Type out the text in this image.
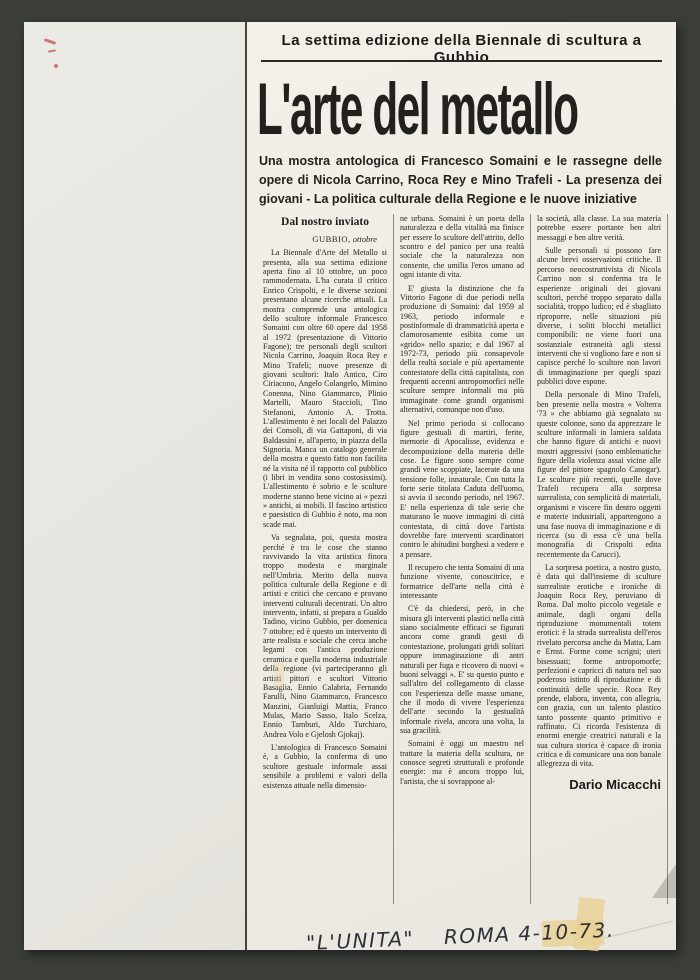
La settima edizione della Biennale di scultura a Gubbio
L'arte del metallo
Una mostra antologica di Francesco Somaini e le rassegne delle opere di Nicola Carrino, Roca Rey e Mino Trafeli - La presenza dei giovani - La politica culturale della Regione e le nuove iniziative
Dal nostro inviato
GUBBIO, ottobre

La Biennale d'Arte del Metallo si presenta, alla sua settima edizione aperta fino al 10 ottobre, un poco rammodernata. L'ha curata il critico Enrico Crispolti, e le diverse sezioni presentano alcune ricerche attuali. La mostra comprende una antologica dello scultore informale Francesco Somaini con oltre 60 opere dal 1958 al 1972 (presentazione di Vittorio Fagone); tre personali degli scultori Nicola Carrino, Joaquin Roca Rey e Mino Trafeli; nuove presenze di giovani scultori: Italo Antico, Ciro Ciriacono, Angelo Colangelo, Mimino Conenna, Nino Giammarco, Plinio Martelli, Mauro Staccioli, Tino Stefanoni, Antonio A. Trotta. L'allestimento è nei locali del Palazzo dei Consoli, di via Gattaponi, di via Baldassini e, all'aperto, in piazza della Signoria. Manca un catalogo generale della mostra e questo fatto non facilita né la visita né il rapporto col pubblico (i libri in vendita sono costosissimi). L'allestimento è sobrio e le sculture moderne stanno bene vicino ai « pezzi » antichi, ai mobili. Il fascino artistico e paesistico di Gubbio è noto, ma non scade mai.

Va segnalata, poi, questa mostra perché è tra le cose che stanno ravvivando la vita artistica finora troppo modesta e marginale nell'Umbria. Merito della nuova politica culturale della Regione e di artisti e critici che cercano e provano interventi culturali decentrati. Un altro intervento, infatti, si prepara a Gualdo Tadino, vicino Gubbio, per domenica 7 ottobre; ed è questo un intervento di arte realista e sociale che cerca anche legami con l'antica produzione ceramica e quella moderna industriale della regione (vi parteciperanno gli artisti pittori e scultori Vittorio Basaglia, Ennio Calabria, Fernando Farulli, Nino Giammarco, Francesco Manzini, Gianluigi Mattia, Franco Mulas, Mario Sasso, Italo Scelza, Ennio Tamburi, Aldo Turchiaro, Andrea Volo e Gjelosh Gjokaj).

L'antologica di Francesco Somaini è, a Gubbio, la conferma di uno scultore gestuale informale assai sensibile a problemi e valori della esistenza attuale nella dimensio-

ne urbana. Somaini è un poeta della naturalezza e della vitalità ma finisce per essere lo scultore dell'attrito, dello scontro e del panico per una realtà sociale che la naturalezza non consente, che umilia l'eros umano ad ogni istante di vita.

E' giusta la distinzione che fa Vittorio Fagone di due periodi nella produzione di Somaini: dal 1959 al 1963, periodo informale e postinformale di drammaticità aperta e clamorosamente esibita come un «grido» nello spazio; e dal 1967 al 1972-73, periodo più consapevole della realtà sociale e più apertamente contestatore della città capitalista, con frequenti accenni antropomorfici nelle sculture sempre informali ma più immaginate come grandi organismi alternativi, comunque non d'uso.

Nel primo periodo si collocano figure gestuali di martiri, ferite, memorie di Apocalisse, evidenza e decomposizione della materia delle cose. Le figure sono sempre come grandi vene scoppiate, lacerate da una tensione folle, innaturale. Con tutta la forte serie titolata Caduta dell'uomo, si avvia il secondo periodo, nel 1967. E' nella esperienza di tale serie che maturano le nuove immagini di città contestata, di città dove l'artista dovrebbe fare interventi scardinatori contro le abitudini borghesi a vedere e a pensare.

Il recupero che tenta Somaini di una funzione vivente, conoscitrice, e formatrice dell'arte nella città è interessante

C'è da chiedersi, però, in che misura gli interventi plastici nella città siano socialmente efficaci se figurati ancora come grandi gesti di contestazione, prolungati gridi solitari oppure immaginazione di antri naturali per fuga e ricovero di nuovi « buoni selvaggi ». E' su questo punto e sull'altro del collegamento di classe con l'esperienza delle masse umane, che il modo di vivere l'esperienza dell'arte secondo la gestualità informale rivela, ancora una volta, la sua gracilità.

Somaini è oggi un maestro nel trattare la materia della scultura, ne conosce segreti strutturali e profonde energie: ma è ancora troppo lui, l'artista, che si sovrappone al-

la società, alla classe. La sua materia potrebbe essere portante ben altri messaggi e ben altre verità.

Sulle personali si possono fare alcune brevi osservazioni critiche. Il percorso neocostruttivista di Nicola Carrino non si conferma tra le esperienze originali dei giovani scultori, perché troppo separato dalla socialità, troppo ludico; ed è sbagliato riproporre, nelle situazioni più diverse, i soliti blocchi metallici componibili: ne viene fuori una sostanziale estraneità agli stessi interventi che si vogliono fare e non si capisce perché lo scultore non lavori di immaginazione per quegli spazi pubblici dove espone.

Della personale di Mino Trafeli, ben presente nella mostra « Volterra '73 » che abbiamo già segnalato su queste colonne, sono da apprezzare le sculture informali in lamiera saldata che hanno figure di antichi e nuovi mostri aggressivi (sono emblematiche figure della violenza assai vicine alle figure del pittore spagnolo Canogar). Le sculture più recenti, quelle dove Trafeli recupera alla sorpresa surrealista, con semplicità di materiali, organismi e viscere fin dentro oggetti e materie industriali, appartengono a una fase nuova di immaginazione e di ricerca (su di essa c'è una bella monografia di Crispolti edita recentemente da Carucci).

La sorpresa poetica, a nostro gusto, è data qui dall'insieme di sculture surrealiste erotiche e ironiche di Joaquin Roca Rey, peruviano di Roma. Dal molto piccolo vegetale e animale, dagli organi della riproduzione monumentali totem erotici: è la strada surrealista dell'eros rivelato percorsa anche da Matta, Lam e Ernst. Forme come scrigni; uteri bisessuati; forme antropomorfe; perfezioni e capricci di natura nel suo poderoso istinto di riproduzione e di continuità delle specie. Roca Rey prende, elabora, inventa, con allegria, con grazia, con un talento plastico tanto possente quanto primitivo e raffinato. Ci ricorda l'esistenza di enormi energie creatrici naturali e la sua cultura storica è capace di ironia critica e di comunicare una non banale allegrezza di vita.

Dario Micacchi
"L'UNITA" ROMA 4-10-73.
